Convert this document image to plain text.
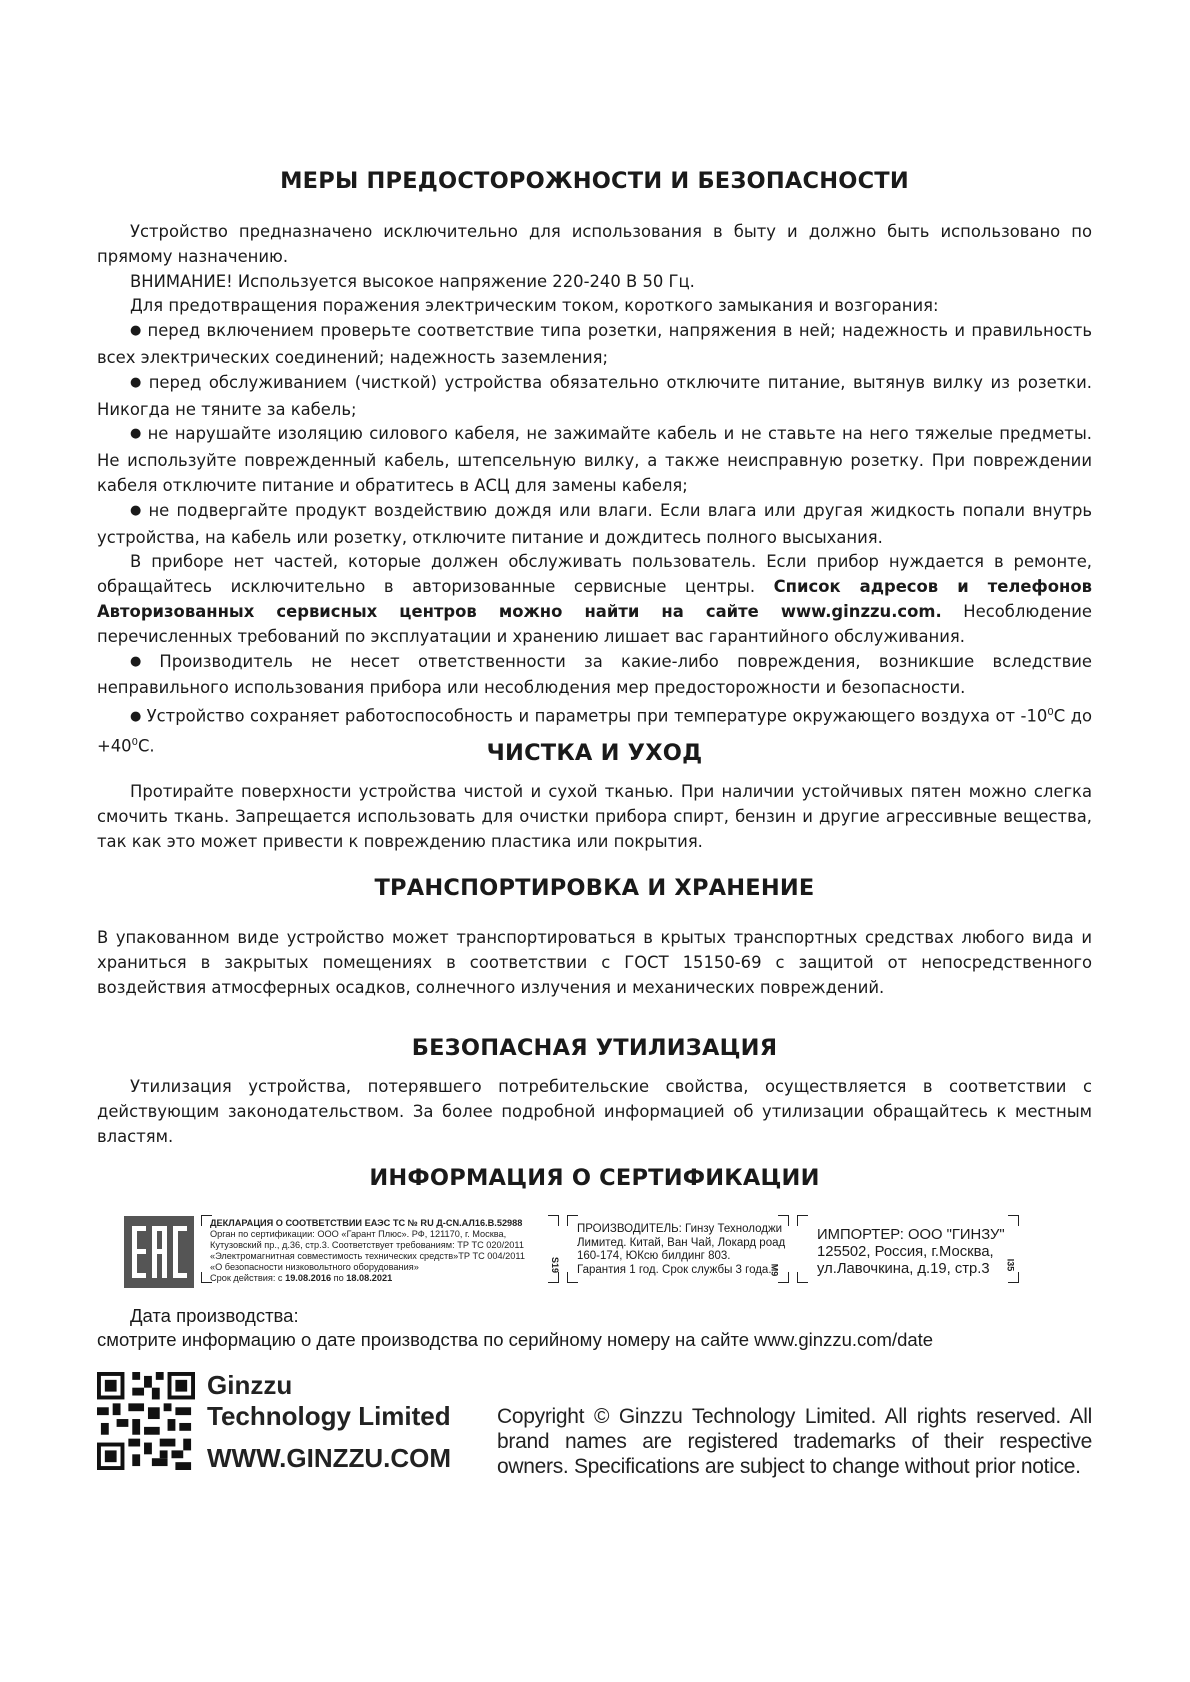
МЕРЫ ПРЕДОСТОРОЖНОСТИ И БЕЗОПАСНОСТИ

Устройство предназначено исключительно для использования в быту и должно быть использовано по прямому назначению.

ВНИМАНИЕ! Используется высокое напряжение 220-240 В 50 Гц.

Для предотвращения поражения электрическим током, короткого замыкания и возгорания:

● перед включением проверьте соответствие типа розетки, напряжения в ней; надежность и правильность всех электрических соединений; надежность заземления;

● перед обслуживанием (чисткой) устройства обязательно отключите питание, вытянув вилку из розетки. Никогда не тяните за кабель;

● не нарушайте изоляцию силового кабеля, не зажимайте кабель и не ставьте на него тяжелые предметы. Не используйте поврежденный кабель, штепсельную вилку, а также неисправную розетку. При повреждении кабеля отключите питание и обратитесь в АСЦ для замены кабеля;

● не подвергайте продукт воздействию дождя или влаги. Если влага или другая жидкость попали внутрь устройства, на кабель или розетку, отключите питание и дождитесь полного высыхания.

В приборе нет частей, которые должен обслуживать пользователь. Если прибор нуждается в ремонте, обращайтесь исключительно в авторизованные сервисные центры. Список адресов и телефонов Авторизованных сервисных центров можно найти на сайте www.ginzzu.com. Несоблюдение перечисленных требований по эксплуатации и хранению лишает вас гарантийного обслуживания.

● Производитель не несет ответственности за какие-либо повреждения, возникшие вследствие неправильного использования прибора или несоблюдения мер предосторожности и безопасности.

● Устройство сохраняет работоспособность и параметры при температуре окружающего воздуха от $-10^0С$ до $+40^0С$.	ЧИСТКА И УХОД

Протирайте поверхности устройства чистой и сухой тканью. При наличии устойчивых пятен можно слегка смочить ткань. Запрещается использовать для очистки прибора спирт, бензин и другие агрессивные вещества, так как это может привести к повреждению пластика или покрытия.

ТРАНСПОРТИРОВКА И ХРАНЕНИЕ

В упакованном виде устройство может транспортироваться в крытых транспортных средствах любого вида и храниться в закрытых помещениях в соответствии с ГОСТ 15150-69 с защитой от непосредственного воздействия атмосферных осадков, солнечного излучения и механических повреждений.

БЕЗОПАСНАЯ УТИЛИЗАЦИЯ

Утилизация устройства, потерявшего потребительские свойства, осуществляется в соответствии с действующим законодательством. За более подробной информацией об утилизации обращайтесь к местным властям.

ИНФОРМАЦИЯ О СЕРТИФИКАЦИИ
ДЕКЛАРАЦИЯ О СООТВЕТСТВИИ ЕАЭС ТС № RU Д-CN.АЛ16.В.52988
Орган по сертификации: ООО «Гарант Плюс». РФ, 121170, г. Москва,
Кутузовский пр., д.36, стр.3. Соответствует требованиям: ТР ТС 020/2011
«Электромагнитная совместимость технических средств»ТР ТС 004/2011
«О безопасности низковольтного оборудования»
Срок действия: с 19.08.2016 по 18.08.2021
S19
ПРОИЗВОДИТЕЛЬ: Гинзу Технолоджи
Лимитед. Китай, Ван Чай, Локард роад
160-174, ЮКсю билдинг 803.
Гарантия 1 год. Срок службы 3 года.
M9
ИМПОРТЕР: ООО "ГИНЗУ"
125502, Россия, г.Москва,
ул.Лавочкина, д.19, стр.3	I35
Дата производства:
смотрите информацию о дате производства по серийному номеру на сайте www.ginzzu.com/date
Ginzzu
Technology Limited
WWW.GINZZU.COM
Copyright © Ginzzu Technology Limited. All rights reserved. All brand names are registered trademarks of their respective owners. Specifications are subject to change without prior notice.
